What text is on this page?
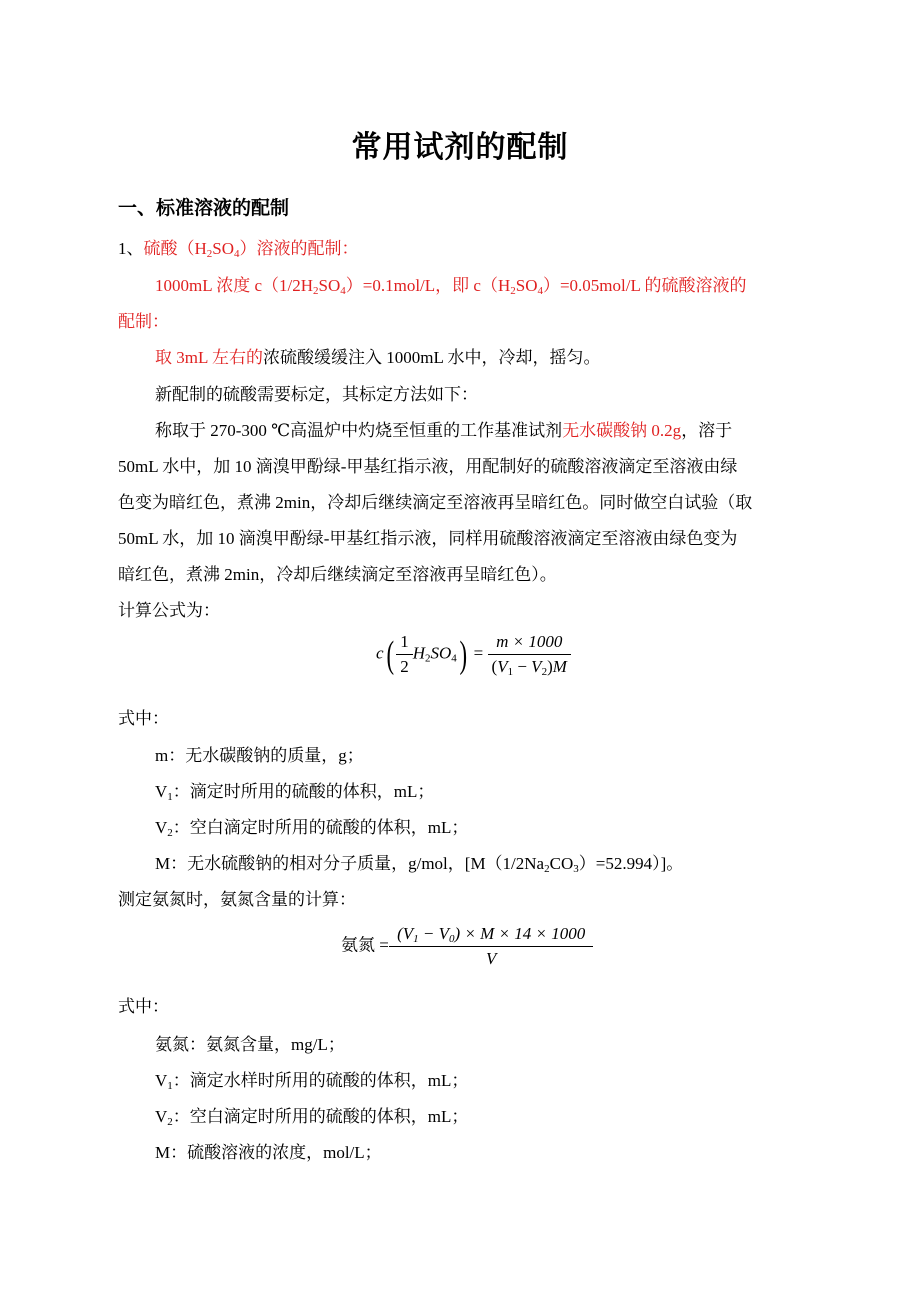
常用试剂的配制
一、标准溶液的配制
1、硫酸$(H_2SO_4)$溶液的配制：
1000mL 浓度 $c(1/2H_2SO_4)=0.1mol/L$，即 $c(H_2SO_4)=0.05mol/L$ 的硫酸溶液的
配制：
取 3mL 左右的浓硫酸缓缓注入 1000mL 水中，冷却，摇匀。
新配制的硫酸需要标定，其标定方法如下：
称取于 270-300 ℃高温炉中灼烧至恒重的工作基准试剂无水碳酸钠 0.2g，溶于
50mL 水中，加 10 滴溴甲酚绿-甲基红指示液，用配制好的硫酸溶液滴定至溶液由绿
色变为暗红色，煮沸 2min，冷却后继续滴定至溶液再呈暗红色。同时做空白试验（取
50mL 水，加 10 滴溴甲酚绿-甲基红指示液，同样用硫酸溶液滴定至溶液由绿色变为
暗红色，煮沸 2min，冷却后继续滴定至溶液再呈暗红色）。
计算公式为：
$c( \frac{1}{2} H_2SO_4) = \frac{m \times 1000}{(V_1 - V_2)M}$
式中：
m：无水碳酸钠的质量，g；
$V_1$：滴定时所用的硫酸的体积，mL；
$V_2$：空白滴定时所用的硫酸的体积，mL；
M：无水硫酸钠的相对分子质量，g/mol，$[M(1/2Na_2CO_3)=52.994)$]。
测定氨氮时，氨氮含量的计算：
氨氮 = $\frac{(V_1 - V_0) \times M \times 14 \times 1000}{V}$
式中：
氨氮：氨氮含量，mg/L；
$V_1$：滴定水样时所用的硫酸的体积，mL；
$V_2$：空白滴定时所用的硫酸的体积，mL；
M：硫酸溶液的浓度，mol/L；
